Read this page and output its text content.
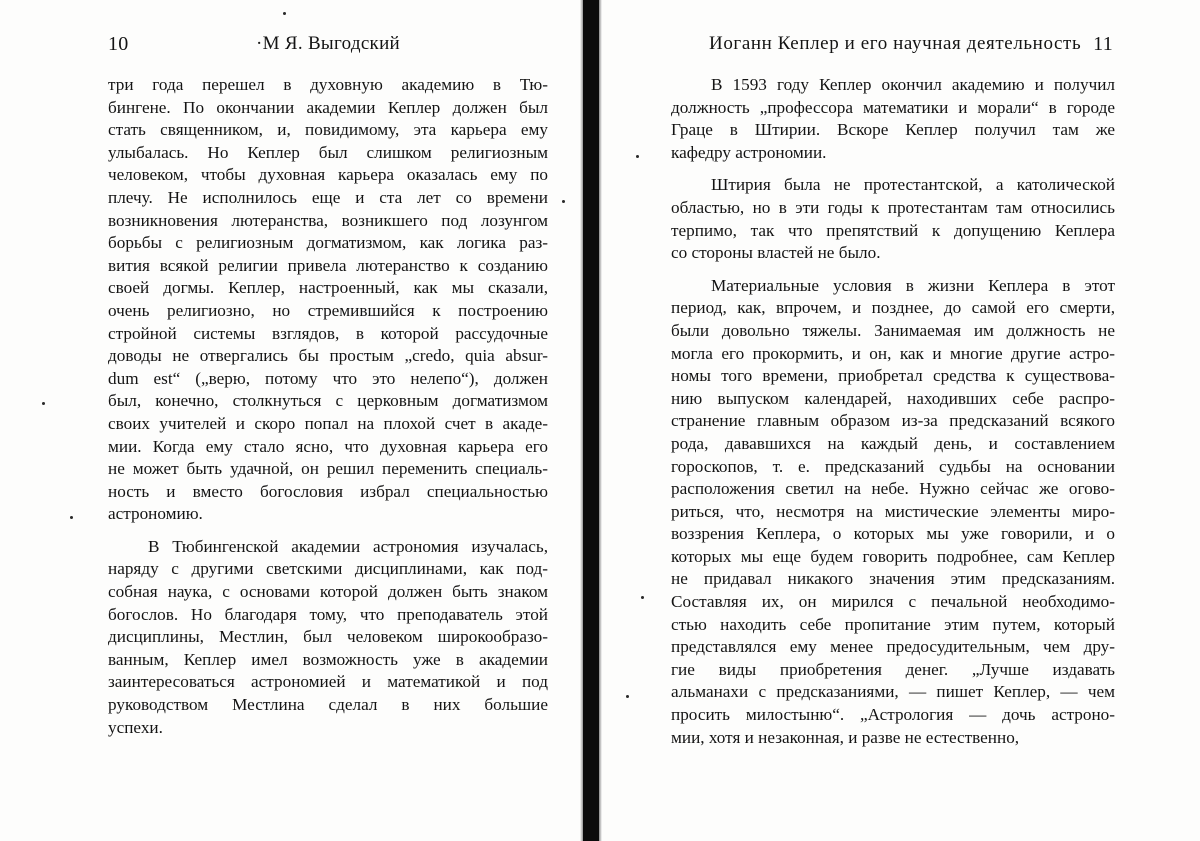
10	·М Я. Выгодский
три года перешел в духовную академию в Тю-
бингене. По окончании академии Кеплер должен был
стать священником, и, повидимому, эта карьера ему
улыбалась. Но Кеплер был слишком религиозным
человеком, чтобы духовная карьера оказалась ему по
плечу. Не исполнилось еще и ста лет со времени
возникновения лютеранства, возникшего под лозунгом
борьбы с религиозным догматизмом, как логика раз-
вития всякой религии привела лютеранство к созданию
своей догмы. Кеплер, настроенный, как мы сказали,
очень религиозно, но стремившийся к построению
стройной системы взглядов, в которой рассудочные
доводы не отвергались бы простым „credo, quia absur-
dum est“ („верю, потому что это нелепо“), должен
был, конечно, столкнуться с церковным догматизмом
своих учителей и скоро попал на плохой счет в акаде-
мии. Когда ему стало ясно, что духовная карьера его
не может быть удачной, он решил переменить специаль-
ность и вместо богословия избрал специальностью
астрономию.
В Тюбингенской академии астрономия изучалась,
наряду с другими светскими дисциплинами, как под-
собная наука, с основами которой должен быть знаком
богослов. Но благодаря тому, что преподаватель этой
дисциплины, Местлин, был человеком широкообразо-
ванным, Кеплер имел возможность уже в академии
заинтересоваться астрономией и математикой и под
руководством Местлина сделал в них большие
успехи.
Иоганн Кеплер и его научная деятельность 11
В 1593 году Кеплер окончил академию и получил
должность „профессора математики и морали“ в городе
Граце в Штирии. Вскоре Кеплер получил там же
кафедру астрономии.
Штирия была не протестантской, а католической
областью, но в эти годы к протестантам там относились
терпимо, так что препятствий к допущению Кеплера
со стороны властей не было.
Материальные условия в жизни Кеплера в этот
период, как, впрочем, и позднее, до самой его смерти,
были довольно тяжелы. Занимаемая им должность не
могла его прокормить, и он, как и многие другие астро-
номы того времени, приобретал средства к существова-
нию выпуском календарей, находивших себе распро-
странение главным образом из-за предсказаний всякого
рода, дававшихся на каждый день, и составлением
гороскопов, т. е. предсказаний судьбы на основании
расположения светил на небе. Нужно сейчас же огово-
риться, что, несмотря на мистические элементы миро-
воззрения Кеплера, о которых мы уже говорили, и о
которых мы еще будем говорить подробнее, сам Кеплер
не придавал никакого значения этим предсказаниям.
Составляя их, он мирился с печальной необходимо-
стью находить себе пропитание этим путем, который
представлялся ему менее предосудительным, чем дру-
гие виды приобретения денег. „Лучше издавать
альманахи с предсказаниями, — пишет Кеплер, — чем
просить милостыню“. „Астрология — дочь астроно-
мии, хотя и незаконная, и разве не естественно,
